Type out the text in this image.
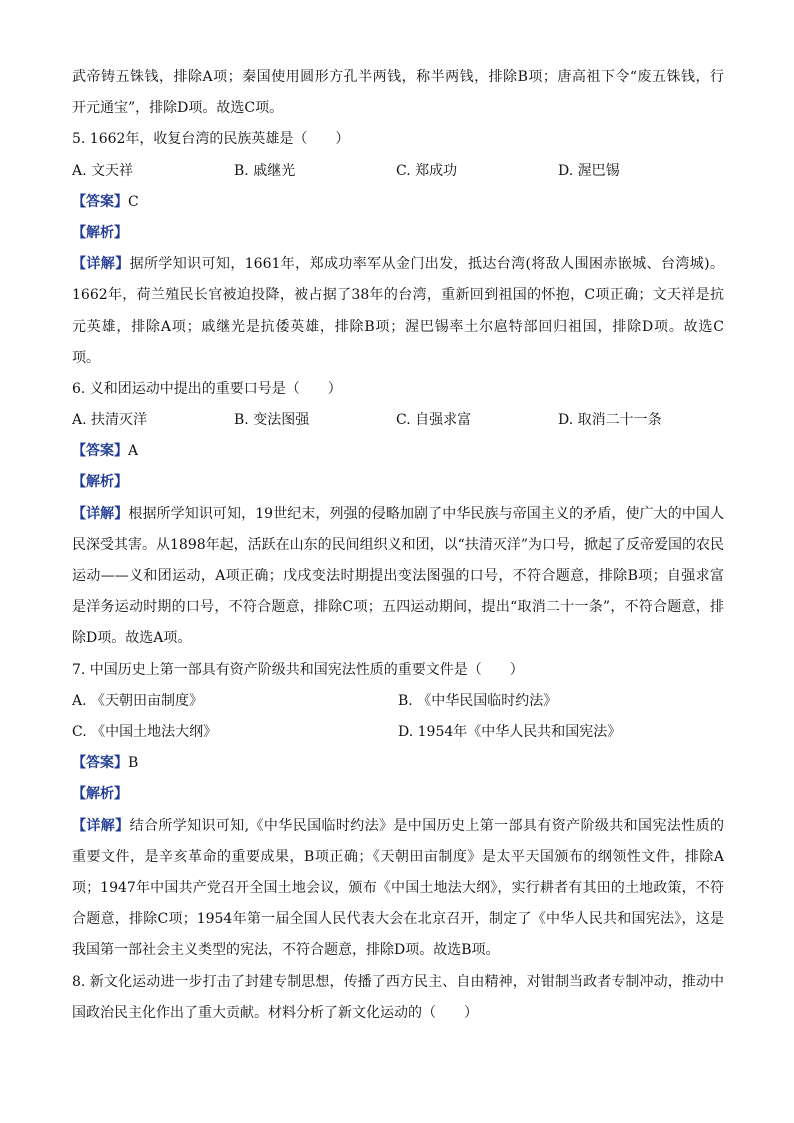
武帝铸五铢钱，排除A项；秦国使用圆形方孔半两钱，称半两钱，排除B项；唐高祖下令“废五铢钱，行
开元通宝”，排除D项。故选C项。
5. 1662年，收复台湾的民族英雄是（　　）
A. 文天祥	B. 戚继光	C. 郑成功	D. 渥巴锡
【答案】C
【解析】
【详解】据所学知识可知，1661年，郑成功率军从金门出发，抵达台湾(将敌人围困赤嵌城、台湾城)。
1662年，荷兰殖民长官被迫投降，被占据了38年的台湾，重新回到祖国的怀抱，C项正确；文天祥是抗
元英雄，排除A项；戚继光是抗倭英雄，排除B项；渥巴锡率土尔扈特部回归祖国，排除D项。故选C
项。
6. 义和团运动中提出的重要口号是（　　）
A. 扶清灭洋	B. 变法图强	C. 自强求富	D. 取消二十一条
【答案】A
【解析】
【详解】根据所学知识可知，19世纪末，列强的侵略加剧了中华民族与帝国主义的矛盾，使广大的中国人
民深受其害。从1898年起，活跃在山东的民间组织义和团，以“扶清灭洋”为口号，掀起了反帝爱国的农民
运动——义和团运动，A项正确；戊戌变法时期提出变法图强的口号，不符合题意，排除B项；自强求富
是洋务运动时期的口号，不符合题意，排除C项；五四运动期间，提出“取消二十一条”，不符合题意，排
除D项。故选A项。
7. 中国历史上第一部具有资产阶级共和国宪法性质的重要文件是（　　）
A. 《天朝田亩制度》	B. 《中华民国临时约法》
C. 《中国土地法大纲》	D. 1954年《中华人民共和国宪法》
【答案】B
【解析】
【详解】结合所学知识可知,《中华民国临时约法》是中国历史上第一部具有资产阶级共和国宪法性质的
重要文件，是辛亥革命的重要成果，B项正确；《天朝田亩制度》是太平天国颁布的纲领性文件，排除A
项；1947年中国共产党召开全国土地会议，颁布《中国土地法大纲》，实行耕者有其田的土地政策，不符
合题意，排除C项；1954年第一届全国人民代表大会在北京召开，制定了《中华人民共和国宪法》，这是
我国第一部社会主义类型的宪法，不符合题意，排除D项。故选B项。
8. 新文化运动进一步打击了封建专制思想，传播了西方民主、自由精神，对钳制当政者专制冲动，推动中
国政治民主化作出了重大贡献。材料分析了新文化运动的（　　）
